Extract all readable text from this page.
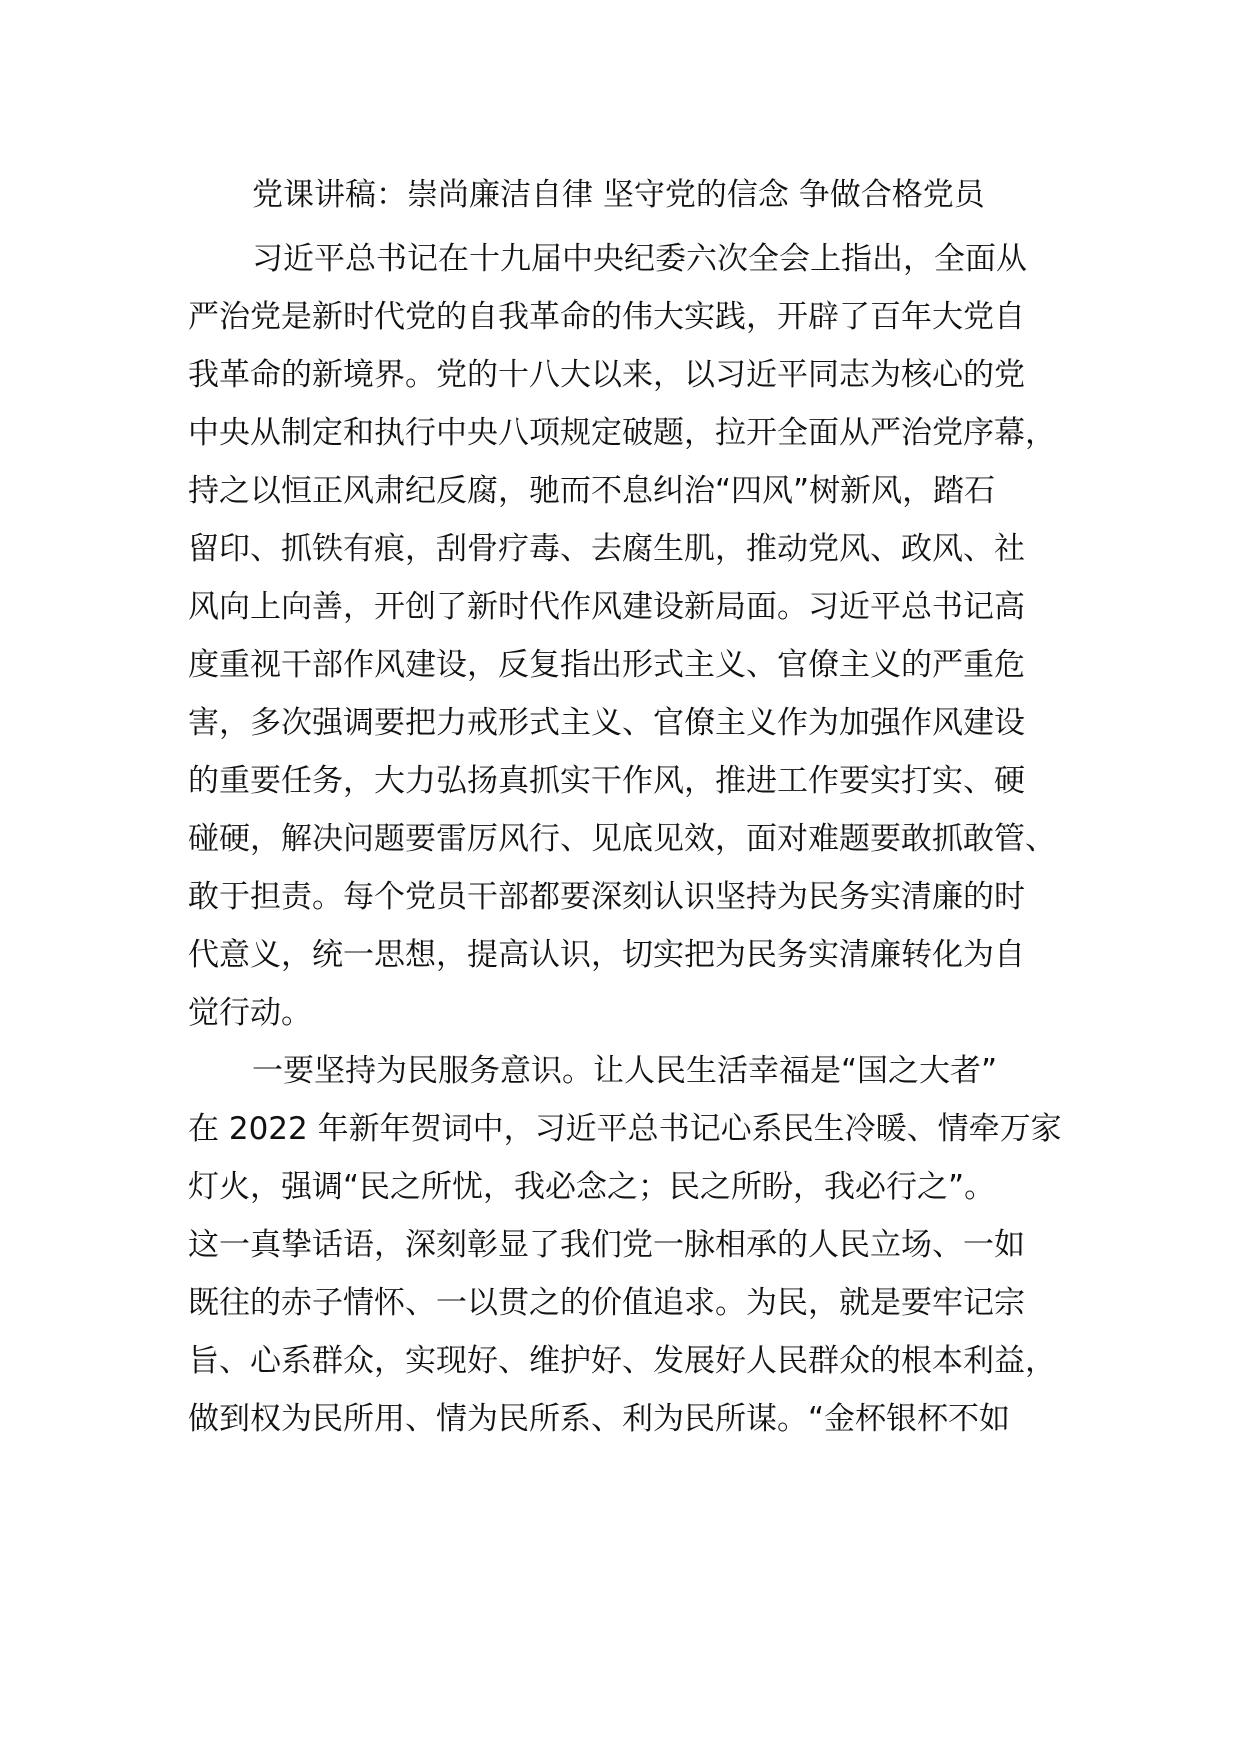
党课讲稿：崇尚廉洁自律 坚守党的信念 争做合格党员

习近平总书记在十九届中央纪委六次全会上指出，全面从

严治党是新时代党的自我革命的伟大实践，开辟了百年大党自

我革命的新境界。党的十八大以来，以习近平同志为核心的党

中央从制定和执行中央八项规定破题，拉开全面从严治党序幕，

持之以恒正风肃纪反腐，驰而不息纠治“四风”树新风，踏石

留印、抓铁有痕，刮骨疗毒、去腐生肌，推动党风、政风、社

风向上向善，开创了新时代作风建设新局面。习近平总书记高

度重视干部作风建设，反复指出形式主义、官僚主义的严重危

害，多次强调要把力戒形式主义、官僚主义作为加强作风建设

的重要任务，大力弘扬真抓实干作风，推进工作要实打实、硬

碰硬，解决问题要雷厉风行、见底见效，面对难题要敢抓敢管、

敢于担责。每个党员干部都要深刻认识坚持为民务实清廉的时

代意义，统一思想，提高认识，切实把为民务实清廉转化为自

觉行动。

一要坚持为民服务意识。让人民生活幸福是“国之大者”

在 2022 年新年贺词中，习近平总书记心系民生冷暖、情牵万家

灯火，强调“民之所忧，我必念之；民之所盼，我必行之”。

这一真挚话语，深刻彰显了我们党一脉相承的人民立场、一如

既往的赤子情怀、一以贯之的价值追求。为民，就是要牢记宗

旨、心系群众，实现好、维护好、发展好人民群众的根本利益，

做到权为民所用、情为民所系、利为民所谋。“金杯银杯不如
